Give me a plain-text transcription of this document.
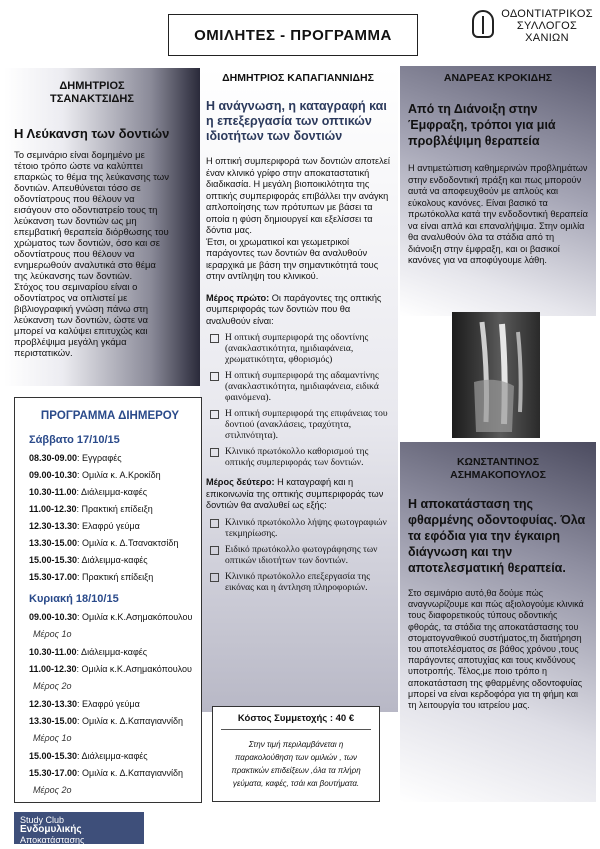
ΟΜΙΛΗΤΕΣ - ΠΡΟΓΡΑΜΜΑ
ΟΔΟΝΤΙΑΤΡΙΚΟΣ
ΣΥΛΛΟΓΟΣ
ΧΑΝΙΩΝ
ΔΗΜΗΤΡΙΟΣ
ΤΣΑΝΑΚΤΣΙΔΗΣ
Η Λεύκανση των δοντιών
Το σεμινάριο είναι δομημένο με τέτοιο τρόπο ώστε να καλύπτει επαρκώς το θέμα της λεύκανσης των δοντιών. Απευθύνεται τόσο σε οδοντίατρους που θέλουν να εισάγουν στο οδοντιατρείο τους τη λεύκανση των δοντιών ως μη επεμβατική θεραπεία διόρθωσης του χρώματος των δοντιών, όσο και σε οδοντίατρους που θέλουν να ενημερωθούν αναλυτικά στο θέμα της λεύκανσης των δοντιών.
Στόχος του σεμιναρίου είναι ο οδοντίατρος να οπλιστεί με βιβλιογραφική γνώση πάνω στη λεύκανση των δοντιών, ώστε να μπορεί να καλύψει επιτυχώς και προβλέψιμα μεγάλη γκάμα περιστατικών.
ΔΗΜΗΤΡΙΟΣ ΚΑΠΑΓΙΑΝΝΙΔΗΣ
Η ανάγνωση, η καταγραφή και η επεξεργασία των οπτικών ιδιοτήτων των δοντιών
Η οπτική συμπεριφορά των δοντιών αποτελεί έναν κλινικό γρίφο στην αποκαταστατική διαδικασία. Η μεγάλη βιοποικιλότητα της οπτικής συμπεριφοράς επιβάλλει την ανάγκη απλοποίησης των πρότυπων με βάσει τα οποία η φύση δημιουργεί και εξελίσσει τα δόντια μας.
Έτσι, οι χρωματικοί και γεωμετρικοί παράγοντες των δοντιών θα αναλυθούν ιεραρχικά με βάση την σημαντικότητά τους στην αντίληψη του κλινικού.
Μέρος πρώτο: Οι παράγοντες της οπτικής συμπεριφοράς των δοντιών που θα αναλυθούν είναι:
Η οπτική συμπεριφορά της οδοντίνης (ανακλαστικότητα, ημιδιαφάνεια, χρωματικότητα, φθορισμός)
Η οπτική συμπεριφορά της αδαμαντίνης (ανακλαστικότητα, ημιδιαφάνεια, ειδικά φαινόμενα).
Η οπτική συμπεριφορά της επιφάνειας του δοντιού (ανακλάσεις, τραχύτητα, στιλπνότητα).
Κλινικό πρωτόκολλο καθορισμού της οπτικής συμπεριφοράς των δοντιών.
Μέρος δεύτερο: Η καταγραφή και η επικοινωνία της οπτικής συμπεριφοράς των δοντιών θα αναλυθεί ως εξής:
Κλινικό πρωτόκολλο λήψης φωτογραφιών τεκμηρίωσης.
Ειδικό πρωτόκολλο φωτογράφησης των οπτικών ιδιοτήτων των δοντιών.
Κλινικό πρωτόκολλο επεξεργασία της εικόνας και η άντληση πληροφοριών.
ΑΝΔΡΕΑΣ ΚΡΟΚΙΔΗΣ
Από τη Διάνοιξη στην Έμφραξη, τρόποι για μιά προβλέψιμη θεραπεία
Η αντιμετώπιση καθημερινών προβλημάτων στην ενδοδοντική πράξη και πως μπορούν αυτά να αποφευχθούν με απλούς και εύκολους κανόνες. Είναι βασικό τα πρωτόκολλα κατά την ενδοδοντική θεραπεία να είναι απλά και επαναλήψιμα. Στην ομιλία θα αναλυθούν όλα τα στάδια από τη διάνοιξη στην έμφραξη, και οι βασικοί κανόνες για να αποφύγουμε λάθη.
ΚΩΝΣΤΑΝΤΙΝΟΣ
ΑΣΗΜΑΚΟΠΟΥΛΟΣ
Η αποκατάσταση της φθαρμένης οδοντοφυίας. Όλα τα εφόδια για την έγκαιρη διάγνωση και την αποτελεσματική θεραπεία.
Στο σεμινάριο αυτό,θα δούμε πώς αναγνωρίζουμε και πώς αξιολογούμε κλινικά τους διαφορετικούς τύπους οδοντικής φθοράς, τα στάδια της αποκατάστασης του στοματογναθικού συστήματος,τη διατήρηση του αποτελέσματος σε βάθος χρόνου ,τους παράγοντες αποτυχίας και τους κινδύνους υποτροπής. Τέλος,με ποιο τρόπο η αποκατάσταση της φθαρμένης οδοντοφυίας μπορεί να είναι κερδοφόρα για τη φήμη και τη λειτουργία του ιατρείου μας.
ΠΡΟΓΡΑΜΜΑ ΔΙΗΜΕΡΟΥ
Σάββατο 17/10/15
08.30-09.00: Εγγραφές
09.00-10.30: Ομιλία κ. Α.Κροκίδη
10.30-11.00: Διάλειμμα-καφές
11.00-12.30: Πρακτική επίδειξη
12.30-13.30: Ελαφρύ γεύμα
13.30-15.00: Ομιλία κ. Δ.Τσανακτσίδη
15.00-15.30: Διάλειμμα-καφές
15.30-17.00: Πρακτική επίδειξη
Κυριακή 18/10/15
09.00-10.30: Ομιλία κ.Κ.Ασημακόπουλου
Μέρος 1ο
10.30-11.00: Διάλειμμα-καφές
11.00-12.30: Ομιλία κ.Κ.Ασημακόπουλου
Μέρος 2ο
12.30-13.30: Ελαφρύ γεύμα
13.30-15.00: Ομιλία κ. Δ.Καπαγιαννίδη
Μέρος 1ο
15.00-15.30: Διάλειμμα-καφές
15.30-17.00: Ομιλία κ. Δ.Καπαγιαννίδη
Μέρος 2ο
Κόστος Συμμετοχής : 40 €
Στην τιμή περιλαμβάνεται η παρακολούθηση των ομιλιών , των πρακτικών επιδείξεων ,όλα τα πλήρη γεύματα, καφές, τσάι και βουτήματα.
Study Club
Ενδομυλικής
Αποκατάστασης
